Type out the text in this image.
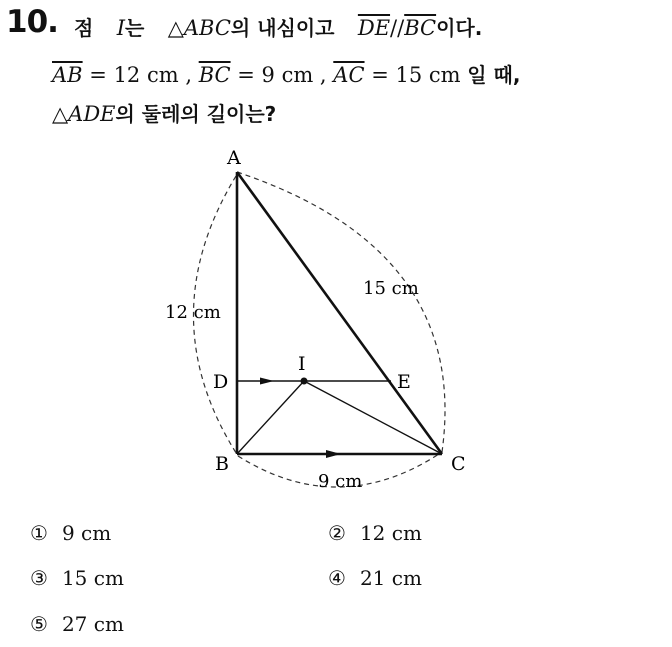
10. 점 I는 △ABC의 내심이고 $\overline{DE}//\overline{BC}$이다.
$\overline{AB} = 12$ cm , $\overline{BC} = 9$ cm , $\overline{AC} = 15$ cm 일 때,
△ADE의 둘레의 길이는?
A
B	C
D	E
I
12 cm
15 cm
9 cm
① 9 cm	② 12 cm
③ 15 cm	④ 21 cm
⑤ 27 cm
